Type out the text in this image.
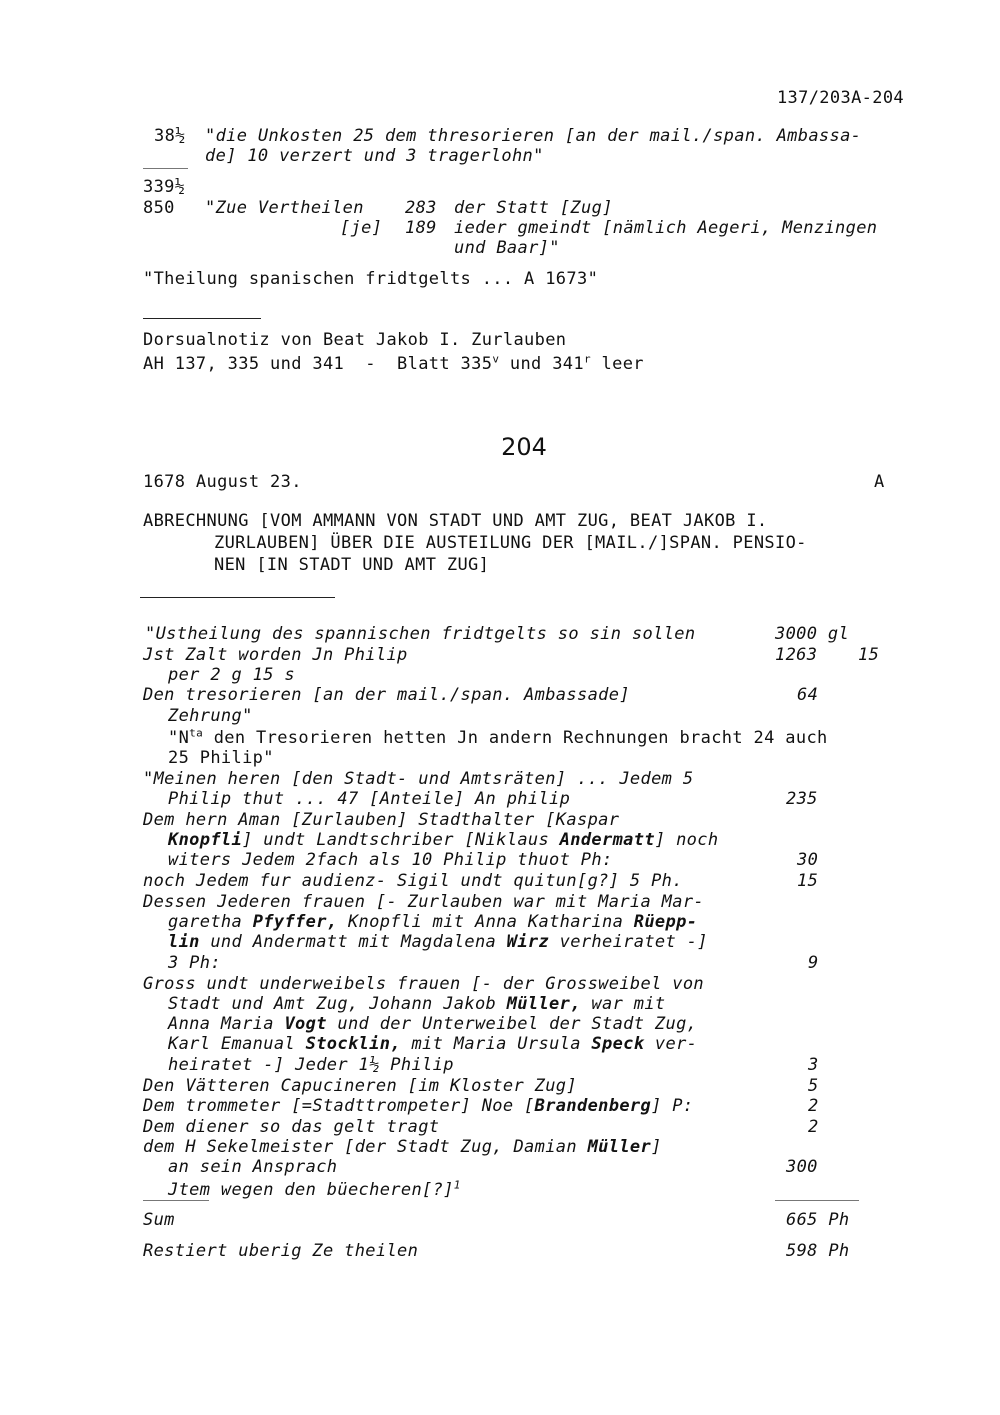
137/203A-204
38½ "die Unkosten 25 dem thresorieren [an der mail./span. Ambassa-
de] 10 verzert und 3 tragerlohn"
339½
850 "Zue Vertheilen 283 der Statt [Zug]
[je] 189 ieder gmeindt [nämlich Aegeri, Menzingen
und Baar]"
"Theilung spanischen fridtgelts ... A 1673"
Dorsualnotiz von Beat Jakob I. Zurlauben
AH 137, 335 und 341  -  Blatt 335$^v$ und 341$^r$ leer
204
1678 August 23.	A
ABRECHNUNG [VOM AMMANN VON STADT UND AMT ZUG, BEAT JAKOB I.
ZURLAUBEN] ÜBER DIE AUSTEILUNG DER [MAIL./]SPAN. PENSIO-
NEN [IN STADT UND AMT ZUG]
"Ustheilung des spannischen fridtgelts so sin sollen	3000 gl
Jst Zalt worden Jn Philip	1263 15
per 2 g 15 s
Den tresorieren [an der mail./span. Ambassade]	64
Zehrung"
"$N^{ta}$ den Tresorieren hetten Jn andern Rechnungen bracht 24 auch
25 Philip"
"Meinen heren [den Stadt- und Amtsräten] ... Jedem 5
Philip thut ... 47 [Anteile] An philip	235
Dem hern Aman [Zurlauben] Stadthalter [Kaspar
Knopfli] undt Landtschriber [Niklaus Andermatt] noch
witers Jedem 2fach als 10 Philip thuot Ph:	30
noch Jedem fur audienz- Sigil undt quitun[g?] 5 Ph.	15
Dessen Jederen frauen [- Zurlauben war mit Maria Mar-
garetha Pfyffer, Knopfli mit Anna Katharina Rüepp-
lin und Andermatt mit Magdalena Wirz verheiratet -]
3 Ph:	9
Gross undt underweibels frauen [- der Grossweibel von
Stadt und Amt Zug, Johann Jakob Müller, war mit
Anna Maria Vogt und der Unterweibel der Stadt Zug,
Karl Emanual Stocklin, mit Maria Ursula Speck ver-
heiratet -] Jeder 1½ Philip	3
Den Vätteren Capucineren [im Kloster Zug]	5
Dem trommeter [=Stadttrompeter] Noe [Brandenberg] P:	2
Dem diener so das gelt tragt	2
dem H Sekelmeister [der Stadt Zug, Damian Müller]
an sein Ansprach	300
Jtem wegen den büecheren[?]$^1$
Sum	665 Ph
Restiert uberig Ze theilen	598 Ph
